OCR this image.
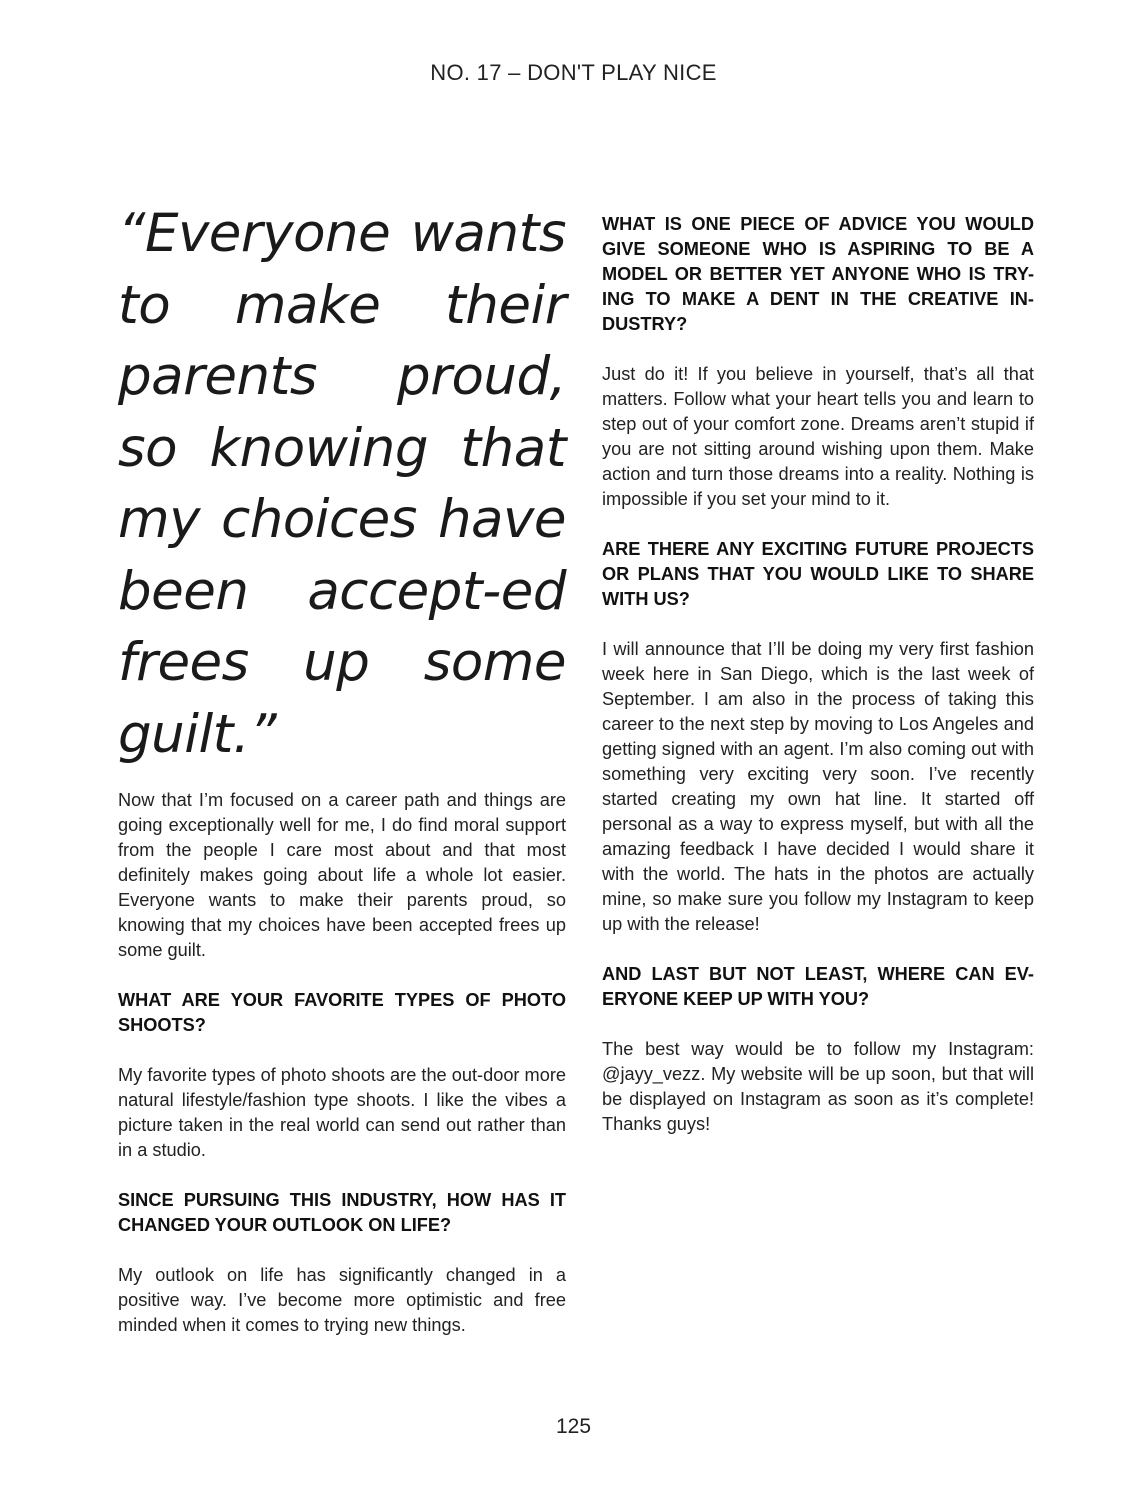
NO. 17 – DON'T PLAY NICE

“Everyone wants to make their parents proud, so knowing that my choices have been accept-ed frees up some guilt.”

Now that I’m focused on a career path and things are going exceptionally well for me, I do find moral support from the people I care most about and that most definitely makes going about life a whole lot easier. Everyone wants to make their parents proud, so knowing that my choices have been accepted frees up some guilt.

WHAT ARE YOUR FAVORITE TYPES OF PHOTO SHOOTS?

My favorite types of photo shoots are the out-door more natural lifestyle/fashion type shoots. I like the vibes a picture taken in the real world can send out rather than in a studio.

SINCE PURSUING THIS INDUSTRY, HOW HAS IT CHANGED YOUR OUTLOOK ON LIFE?

My outlook on life has significantly changed in a positive way. I’ve become more optimistic and free minded when it comes to trying new things.

WHAT IS ONE PIECE OF ADVICE YOU WOULD GIVE SOMEONE WHO IS ASPIRING TO BE A MODEL OR BETTER YET ANYONE WHO IS TRY-ING TO MAKE A DENT IN THE CREATIVE IN-DUSTRY?

Just do it! If you believe in yourself, that’s all that matters. Follow what your heart tells you and learn to step out of your comfort zone. Dreams aren’t stupid if you are not sitting around wishing upon them. Make action and turn those dreams into a reality. Nothing is impossible if you set your mind to it.

ARE THERE ANY EXCITING FUTURE PROJECTS OR PLANS THAT YOU WOULD LIKE TO SHARE WITH US?

I will announce that I’ll be doing my very first fashion week here in San Diego, which is the last week of September. I am also in the process of taking this career to the next step by moving to Los Angeles and getting signed with an agent. I’m also coming out with something very exciting very soon. I’ve recently started creating my own hat line. It started off personal as a way to express myself, but with all the amazing feedback I have decided I would share it with the world. The hats in the photos are actually mine, so make sure you follow my Instagram to keep up with the release!

AND LAST BUT NOT LEAST, WHERE CAN EV-ERYONE KEEP UP WITH YOU?

The best way would be to follow my Instagram: @jayy_vezz. My website will be up soon, but that will be displayed on Instagram as soon as it’s complete! Thanks guys!

125
